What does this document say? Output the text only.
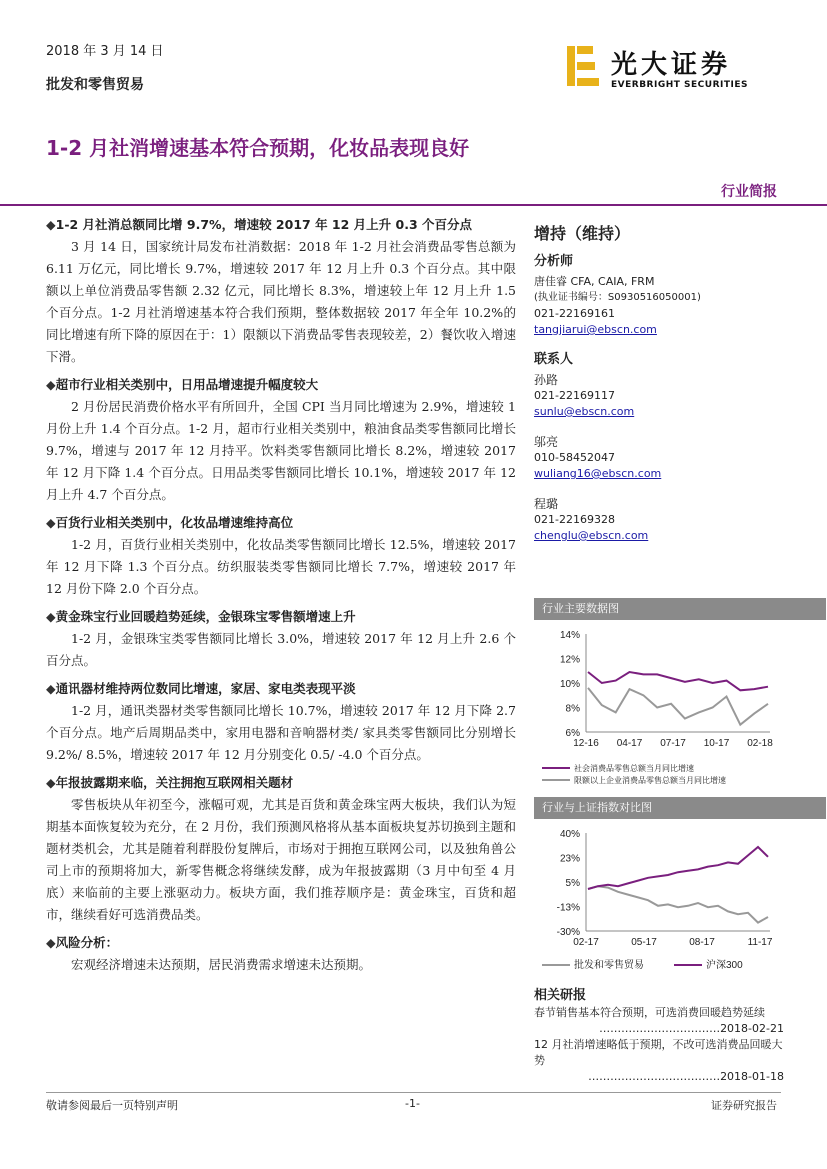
2018 年 3 月 14 日
批发和零售贸易
光大证券
EVERBRIGHT SECURITIES
1-2 月社消增速基本符合预期，化妆品表现良好
行业简报

◆1-2 月社消总额同比增 9.7%，增速较 2017 年 12 月上升 0.3 个百分点

3 月 14 日，国家统计局发布社消数据：2018 年 1-2 月社会消费品零售总额为 6.11 万亿元，同比增长 9.7%，增速较 2017 年 12 月上升 0.3 个百分点。其中限额以上单位消费品零售额 2.32 亿元，同比增长 8.3%，增速较上年 12 月上升 1.5 个百分点。1-2 月社消增速基本符合我们预期，整体数据较 2017 年全年 10.2%的同比增速有所下降的原因在于：1）限额以下消费品零售表现较差，2）餐饮收入增速下滑。

◆超市行业相关类别中，日用品增速提升幅度较大

2 月份居民消费价格水平有所回升，全国 CPI 当月同比增速为 2.9%，增速较 1 月份上升 1.4 个百分点。1-2 月，超市行业相关类别中，粮油食品类零售额同比增长 9.7%，增速与 2017 年 12 月持平。饮料类零售额同比增长 8.2%，增速较 2017 年 12 月下降 1.4 个百分点。日用品类零售额同比增长 10.1%，增速较 2017 年 12 月上升 4.7 个百分点。

◆百货行业相关类别中，化妆品增速维持高位

1-2 月，百货行业相关类别中，化妆品类零售额同比增长 12.5%，增速较 2017 年 12 月下降 1.3 个百分点。纺织服装类零售额同比增长 7.7%，增速较 2017 年 12 月份下降 2.0 个百分点。

◆黄金珠宝行业回暖趋势延续，金银珠宝零售额增速上升

1-2 月，金银珠宝类零售额同比增长 3.0%，增速较 2017 年 12 月上升 2.6 个百分点。

◆通讯器材维持两位数同比增速，家居、家电类表现平淡

1-2 月，通讯类器材类零售额同比增长 10.7%，增速较 2017 年 12 月下降 2.7 个百分点。地产后周期品类中，家用电器和音响器材类/ 家具类零售额同比分别增长 9.2%/ 8.5%，增速较 2017 年 12 月分别变化 0.5/ -4.0 个百分点。

◆年报披露期来临，关注拥抱互联网相关题材

零售板块从年初至今，涨幅可观，尤其是百货和黄金珠宝两大板块，我们认为短期基本面恢复较为充分，在 2 月份，我们预测风格将从基本面板块复苏切换到主题和题材类机会，尤其是随着利群股份复牌后，市场对于拥抱互联网公司，以及独角兽公司上市的预期将加大，新零售概念将继续发酵，成为年报披露期（3 月中旬至 4 月底）来临前的主要上涨驱动力。板块方面，我们推荐顺序是：黄金珠宝，百货和超市，继续看好可选消费品类。

◆风险分析：

宏观经济增速未达预期，居民消费需求增速未达预期。

增持（维持）
分析师
唐佳睿 CFA, CAIA, FRM
(执业证书编号：S0930516050001)
021-22169161
tangjiarui@ebscn.com
联系人
孙路
021-22169117
sunlu@ebscn.com
邬亮
010-58452047
wuliang16@ebscn.com
程璐
021-22169328
chenglu@ebscn.com
行业主要数据图
14%
12%
10%
8%
6%
12-16 04-17 07-17 10-17 02-18
社会消费品零售总额当月同比增速
限额以上企业消费品零售总额当月同比增速
行业与上证指数对比图
40%
23%
5%
-13%
-30%
02-17	05-17	08-17	11-17
批发和零售贸易	沪深300
相关研报
春节销售基本符合预期，可选消费回暖趋势延续
……………………………2018-02-21
12 月社消增速略低于预期，不改可选消费品回暖大势
………………………………2018-01-18
敬请参阅最后一页特别声明	-1-	证券研究报告
